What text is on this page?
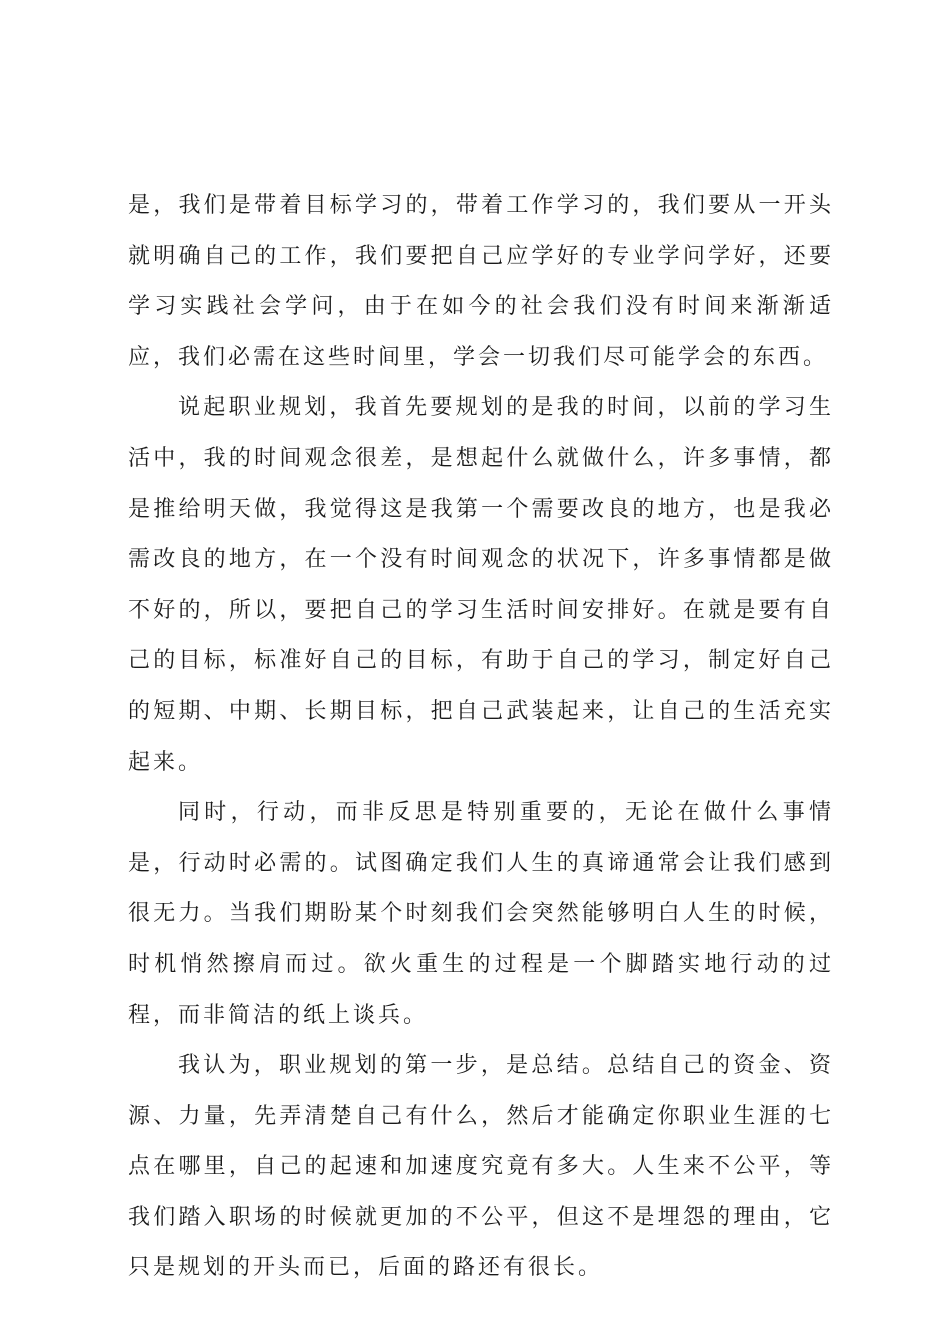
是，我们是带着目标学习的，带着工作学习的，我们要从一开头就明确自己的工作，我们要把自己应学好的专业学问学好，还要学习实践社会学问，由于在如今的社会我们没有时间来渐渐适应，我们必需在这些时间里，学会一切我们尽可能学会的东西。

说起职业规划，我首先要规划的是我的时间，以前的学习生活中，我的时间观念很差，是想起什么就做什么，许多事情，都是推给明天做，我觉得这是我第一个需要改良的地方，也是我必需改良的地方，在一个没有时间观念的状况下，许多事情都是做不好的，所以，要把自己的学习生活时间安排好。在就是要有自己的目标，标准好自己的目标，有助于自己的学习，制定好自己的短期、中期、长期目标，把自己武装起来，让自己的生活充实起来。

同时，行动，而非反思是特别重要的，无论在做什么事情是，行动时必需的。试图确定我们人生的真谛通常会让我们感到很无力。当我们期盼某个时刻我们会突然能够明白人生的时候，时机悄然擦肩而过。欲火重生的过程是一个脚踏实地行动的过程，而非简洁的纸上谈兵。

我认为，职业规划的第一步，是总结。总结自己的资金、资源、力量，先弄清楚自己有什么，然后才能确定你职业生涯的七点在哪里，自己的起速和加速度究竟有多大。人生来不公平，等我们踏入职场的时候就更加的不公平，但这不是埋怨的理由，它只是规划的开头而已，后面的路还有很长。
